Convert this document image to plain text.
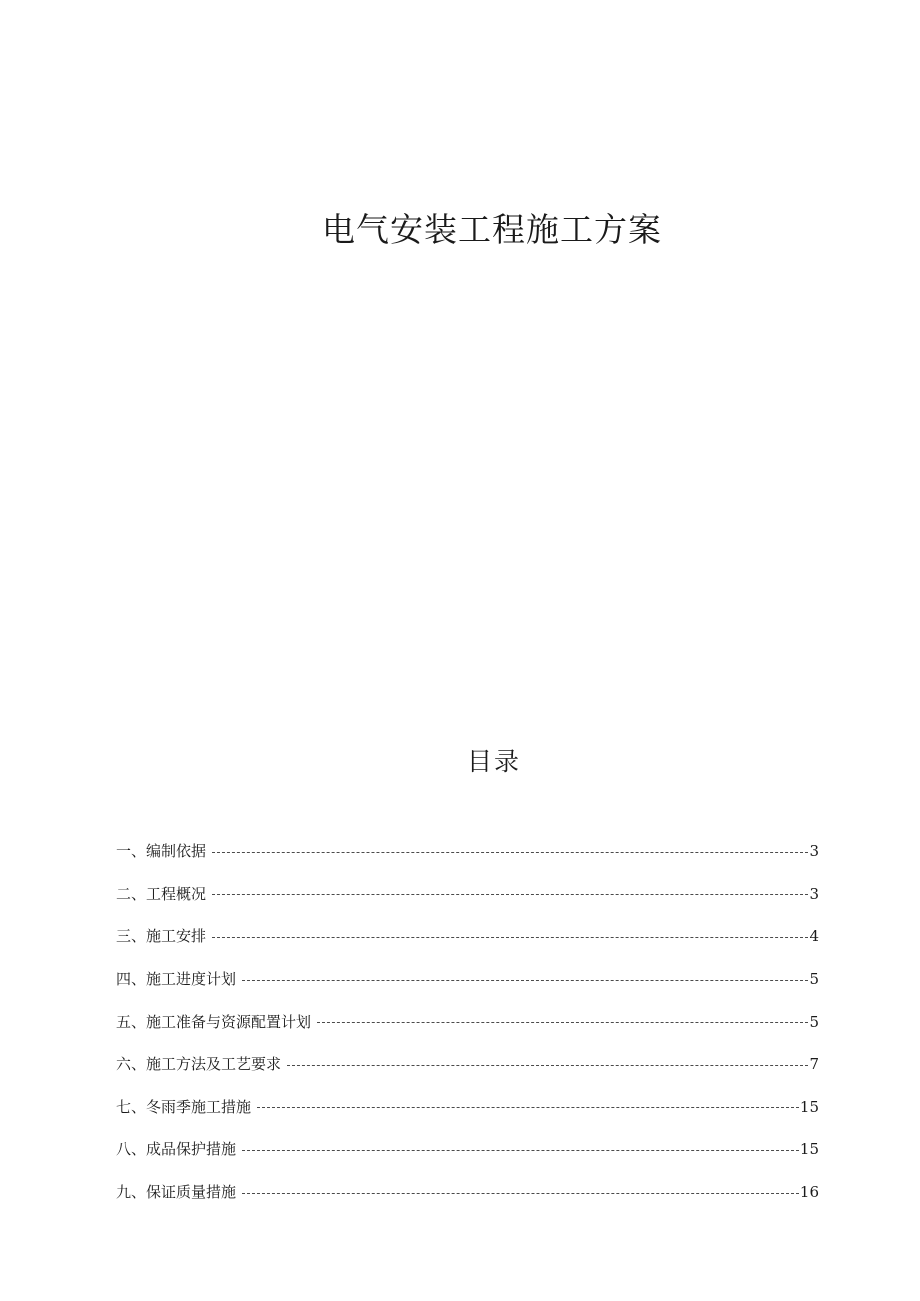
电气安装工程施工方案
目录
一、编制依据	3
二、工程概况	3
三、施工安排	4
四、施工进度计划	5
五、施工准备与资源配置计划	5
六、施工方法及工艺要求	7
七、冬雨季施工措施	15
八、成品保护措施	15
九、保证质量措施	16
